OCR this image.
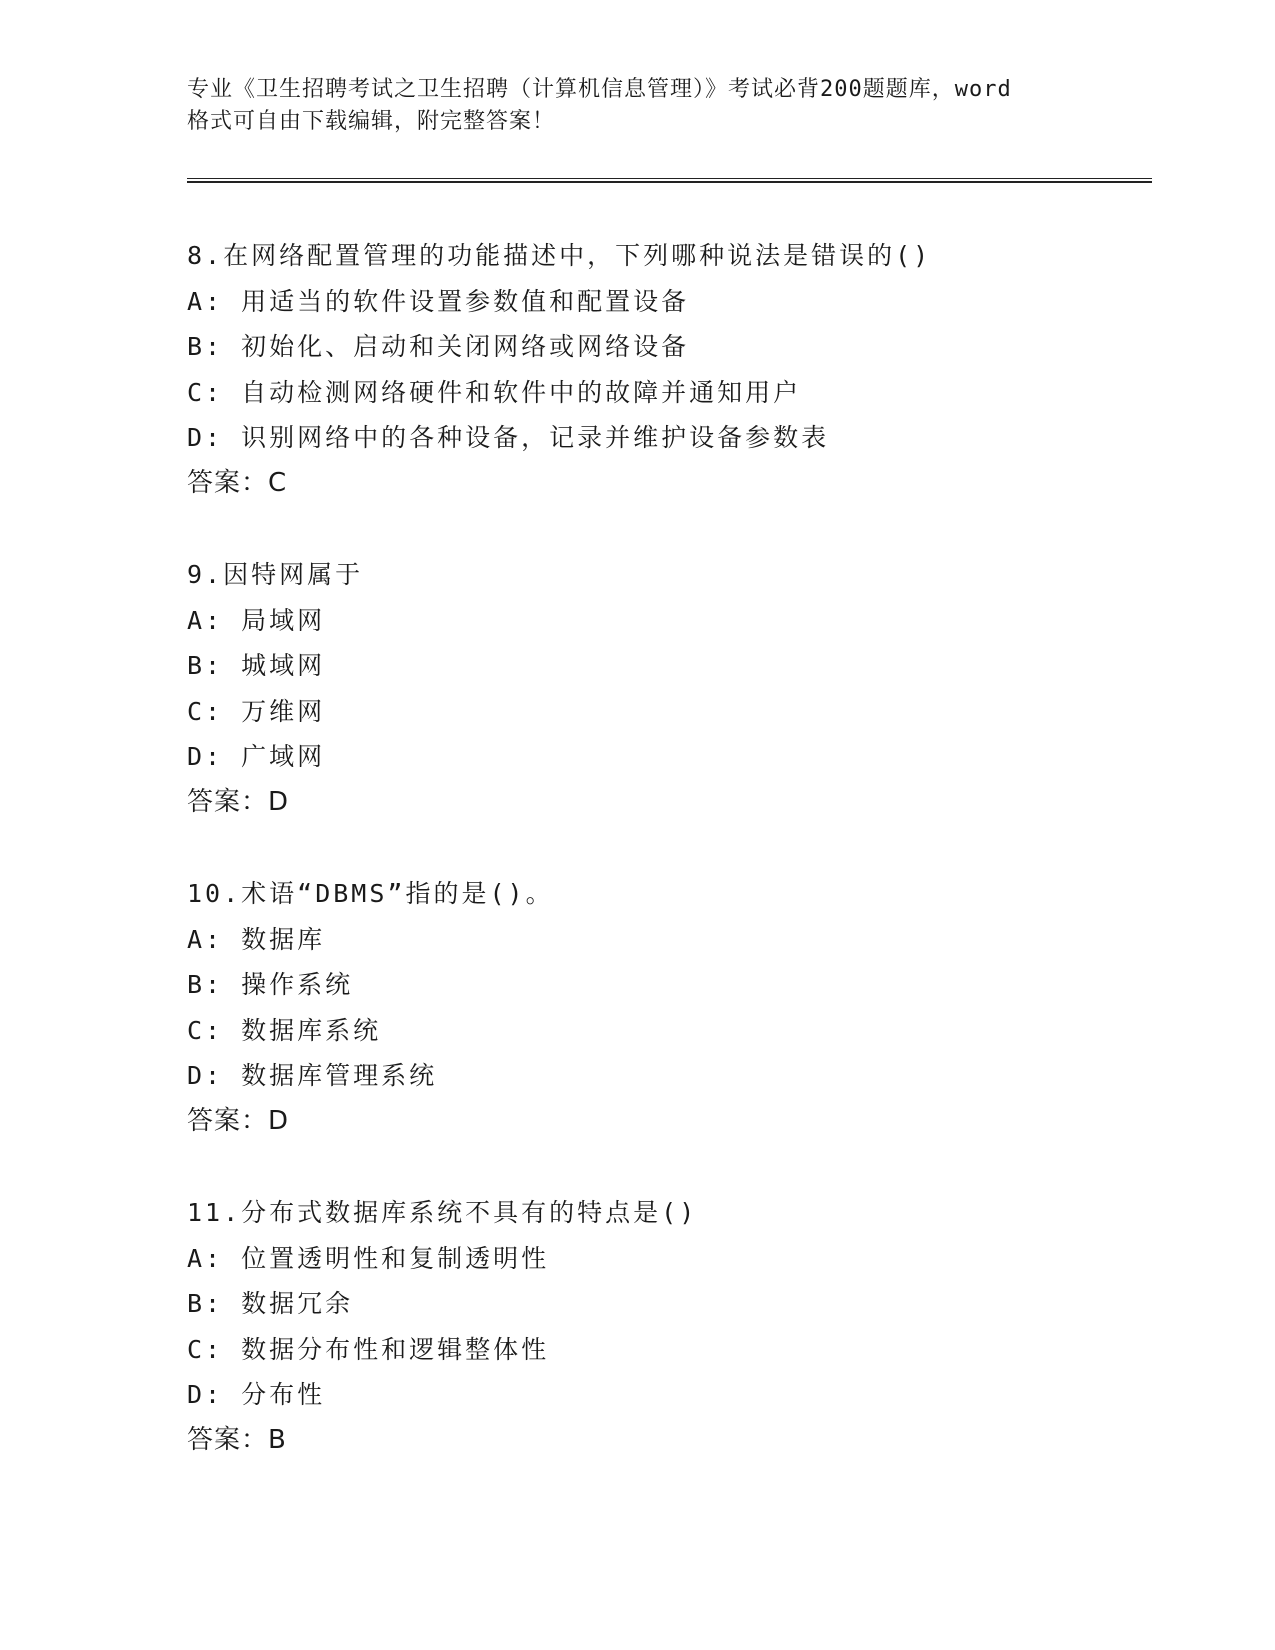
专业《卫生招聘考试之卫生招聘（计算机信息管理）》考试必背200题题库，word
格式可自由下载编辑，附完整答案！
8.在网络配置管理的功能描述中，下列哪种说法是错误的()
A: 用适当的软件设置参数值和配置设备
B: 初始化、启动和关闭网络或网络设备
C: 自动检测网络硬件和软件中的故障并通知用户
D: 识别网络中的各种设备，记录并维护设备参数表
答案：C
9.因特网属于
A: 局域网
B: 城域网
C: 万维网
D: 广域网
答案：D
10.术语“DBMS”指的是()。
A: 数据库
B: 操作系统
C: 数据库系统
D: 数据库管理系统
答案：D
11.分布式数据库系统不具有的特点是()
A: 位置透明性和复制透明性
B: 数据冗余
C: 数据分布性和逻辑整体性
D: 分布性
答案：B
